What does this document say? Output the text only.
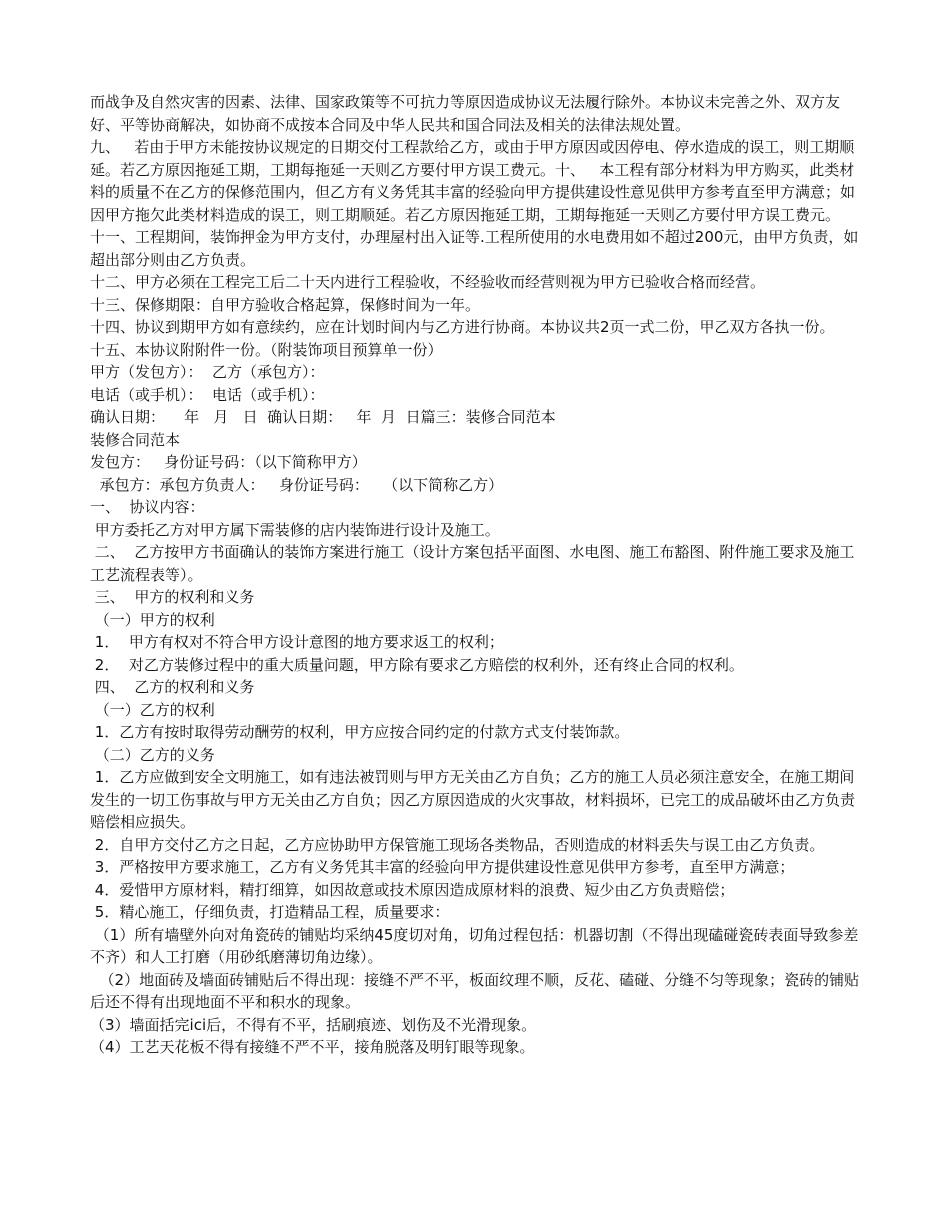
而战争及自然灾害的因素、法律、国家政策等不可抗力等原因造成协议无法履行除外。本协议未完善之外、双方友好、平等协商解决，如协商不成按本合同及中华人民共和国合同法及相关的法律法规处置。

九、   若由于甲方未能按协议规定的日期交付工程款给乙方，或由于甲方原因或因停电、停水造成的误工，则工期顺延。若乙方原因拖延工期，工期每拖延一天则乙方要付甲方误工费元。十、   本工程有部分材料为甲方购买，此类材料的质量不在乙方的保修范围内，但乙方有义务凭其丰富的经验向甲方提供建设性意见供甲方参考直至甲方满意；如因甲方拖欠此类材料造成的误工，则工期顺延。若乙方原因拖延工期，工期每拖延一天则乙方要付甲方误工费元。

十一、工程期间，装饰押金为甲方支付，办理屋村出入证等.工程所使用的水电费用如不超过200元，由甲方负责，如超出部分则由乙方负责。

十二、甲方必须在工程完工后二十天内进行工程验收，不经验收而经营则视为甲方已验收合格而经营。

十三、保修期限：自甲方验收合格起算，保修时间为一年。

十四、协议到期甲方如有意续约，应在计划时间内与乙方进行协商。本协议共2页一式二份，甲乙双方各执一份。

十五、本协议附附件一份。（附装饰项目预算单一份）

甲方（发包方）：  乙方（承包方）：

电话（或手机）：  电话（或手机）：

确认日期：    年   月   日  确认日期：   年  月  日篇三：装修合同范本

装修合同范本

发包方：   身份证号码：（以下简称甲方）

承包方：承包方负责人：   身份证号码：   （以下简称乙方）

一、  协议内容：

甲方委托乙方对甲方属下需装修的店内装饰进行设计及施工。

二、  乙方按甲方书面确认的装饰方案进行施工（设计方案包括平面图、水电图、施工布豁图、附件施工要求及施工工艺流程表等）。

三、  甲方的权利和义务

（一）甲方的权利

1．  甲方有权对不符合甲方设计意图的地方要求返工的权利；

2．  对乙方装修过程中的重大质量问题，甲方除有要求乙方赔偿的权利外，还有终止合同的权利。

四、  乙方的权利和义务

（一）乙方的权利

1．乙方有按时取得劳动酬劳的权利，甲方应按合同约定的付款方式支付装饰款。

（二）乙方的义务

1．乙方应做到安全文明施工，如有违法被罚则与甲方无关由乙方自负；乙方的施工人员必须注意安全，在施工期间发生的一切工伤事故与甲方无关由乙方自负；因乙方原因造成的火灾事故，材料损坏，已完工的成品破坏由乙方负责赔偿相应损失。

2．自甲方交付乙方之日起，乙方应协助甲方保管施工现场各类物品，否则造成的材料丢失与误工由乙方负责。

3．严格按甲方要求施工，乙方有义务凭其丰富的经验向甲方提供建设性意见供甲方参考，直至甲方满意；

4．爱惜甲方原材料，精打细算，如因故意或技术原因造成原材料的浪费、短少由乙方负责赔偿；

5．精心施工，仔细负责，打造精品工程，质量要求：

（1）所有墙壁外向对角瓷砖的铺贴均采纳45度切对角，切角过程包括：机器切割（不得出现磕碰瓷砖表面导致参差不齐）和人工打磨（用砂纸磨薄切角边缘）。

（2）地面砖及墙面砖铺贴后不得出现：接缝不严不平，板面纹理不顺，反花、磕碰、分缝不匀等现象；瓷砖的铺贴后还不得有出现地面不平和积水的现象。

（3）墙面括完ici后，不得有不平，括刷痕迹、划伤及不光滑现象。

（4）工艺天花板不得有接缝不严不平，接角脱落及明钉眼等现象。
